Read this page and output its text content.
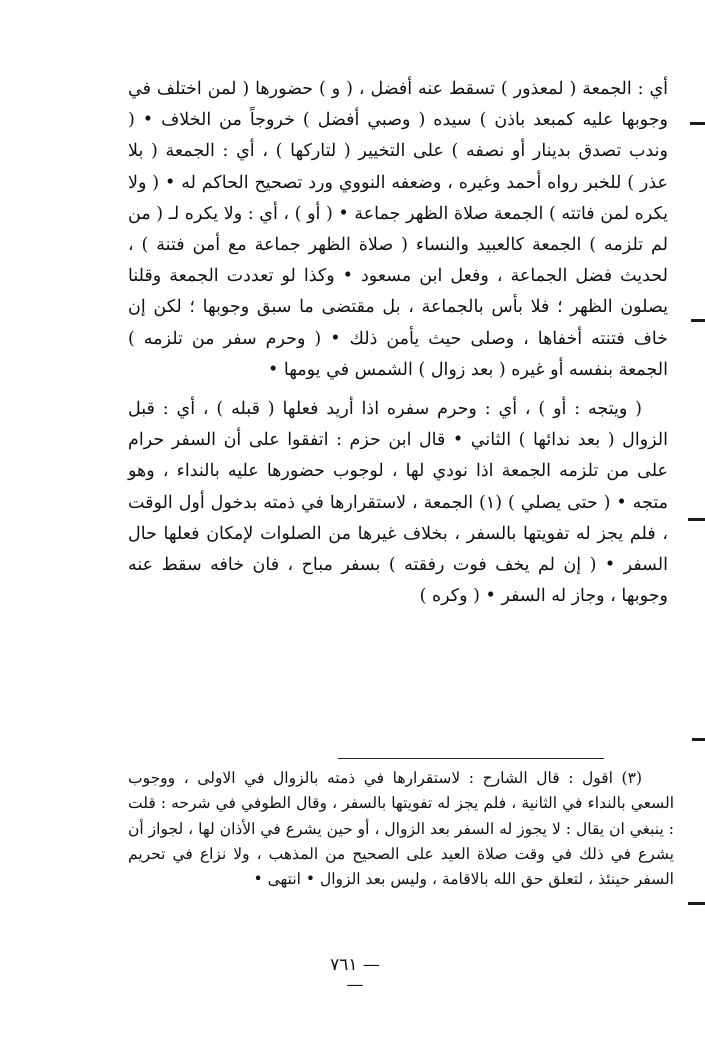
أي : الجمعة ( لمعذور ) تسقط عنه أفضل ، ( و ) حضورها ( لمن اختلف في وجوبها عليه كمبعد باذن ) سيده ( وصبي أفضل ) خروجاً من الخلاف • ( وندب تصدق بدينار أو نصفه ) على التخيير ( لتاركها ) ، أي : الجمعة ( بلا عذر ) للخبر رواه أحمد وغيره ، وضعفه النووي ورد تصحيح الحاكم له • ( ولا يكره لمن فاتته ) الجمعة صلاة الظهر جماعة • ( أو ) ، أي : ولا يكره لـ ( من لم تلزمه ) الجمعة كالعبيد والنساء ( صلاة الظهر جماعة مع أمن فتنة ) ، لحديث فضل الجماعة ، وفعل ابن مسعود • وكذا لو تعددت الجمعة وقلنا يصلون الظهر ؛ فلا بأس بالجماعة ، بل مقتضى ما سبق وجوبها ؛ لكن إن خاف فتنته أخفاها ، وصلى حيث يأمن ذلك • ( وحرم سفر من تلزمه ) الجمعة بنفسه أو غيره ( بعد زوال ) الشمس في يومها •

( ويتجه : أو ) ، أي : وحرم سفره اذا أريد فعلها ( قبله ) ، أي : قبل الزوال ( بعد ندائها ) الثاني • قال ابن حزم : اتفقوا على أن السفر حرام على من تلزمه الجمعة اذا نودي لها ، لوجوب حضورها عليه بالنداء ، وهو متجه • ( حتى يصلي ) (١) الجمعة ، لاستقرارها في ذمته بدخول أول الوقت ، فلم يجز له تفويتها بالسفر ، بخلاف غيرها من الصلوات لإمكان فعلها حال السفر • ( إن لم يخف فوت رفقته ) بسفر مباح ، فان خافه سقط عنه وجوبها ، وجاز له السفر • ( وكره )

(٣) اقول : قال الشارح : لاستقرارها في ذمته بالزوال في الاولى ، ووجوب السعي بالنداء في الثانية ، فلم يجز له تفويتها بالسفر ، وقال الطوفي في شرحه : قلت : ينبغي ان يقال : لا يجوز له السفر بعد الزوال ، أو حين يشرع في الأذان لها ، لجواز أن يشرع في ذلك في وقت صلاة العيد على الصحيح من المذهب ، ولا نزاع في تحريم السفر حينئذ ، لتعلق حق الله بالاقامة ، وليس بعد الزوال • انتهى •

— ٧٦١ —
